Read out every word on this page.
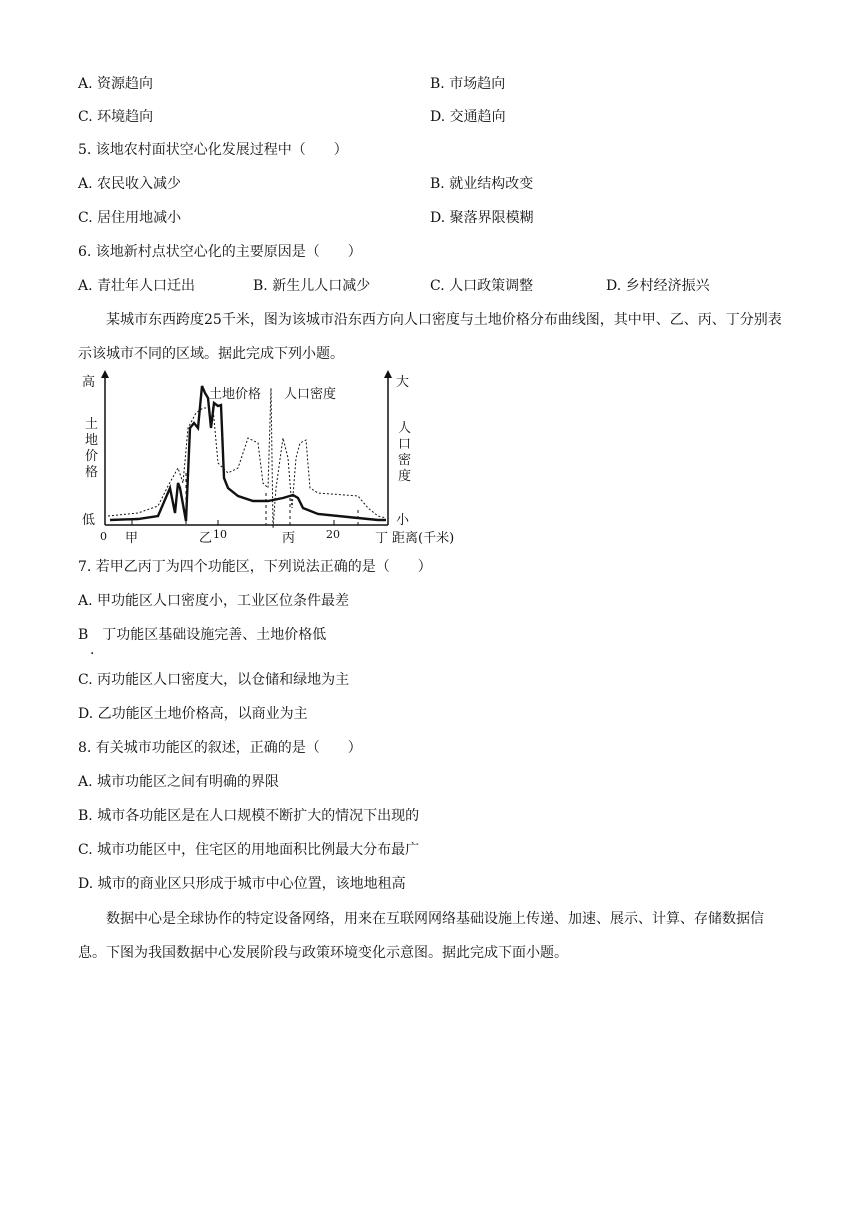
A. 资源趋向	B. 市场趋向
C. 环境趋向	D. 交通趋向
5. 该地农村面状空心化发展过程中（　　）
A. 农民收入减少	B. 就业结构改变
C. 居住用地减小	D. 聚落界限模糊
6. 该地新村点状空心化的主要原因是（　　）
A. 青壮年人口迁出	B. 新生儿人口减少	C. 人口政策调整	D. 乡村经济振兴
某城市东西跨度25千米，图为该城市沿东西方向人口密度与土地价格分布曲线图，其中甲、乙、丙、丁分别表示该城市不同的区域。据此完成下列小题。
土地价格 人口密度
高
低
土 地 价 格
大
小
人 口 密 度
0 甲	乙 10	丙	20	丁 距离(千米)
7. 若甲乙丙丁为四个功能区，下列说法正确的是（　　）
A. 甲功能区人口密度小，工业区位条件最差
B　丁功能区基础设施完善、土地价格低
·
C. 丙功能区人口密度大，以仓储和绿地为主
D. 乙功能区土地价格高，以商业为主
8. 有关城市功能区的叙述，正确的是（　　）
A. 城市功能区之间有明确的界限
B. 城市各功能区是在人口规模不断扩大的情况下出现的
C. 城市功能区中，住宅区的用地面积比例最大分布最广
D. 城市的商业区只形成于城市中心位置，该地地租高
数据中心是全球协作的特定设备网络，用来在互联网网络基础设施上传递、加速、展示、计算、存储数据信息。下图为我国数据中心发展阶段与政策环境变化示意图。据此完成下面小题。
